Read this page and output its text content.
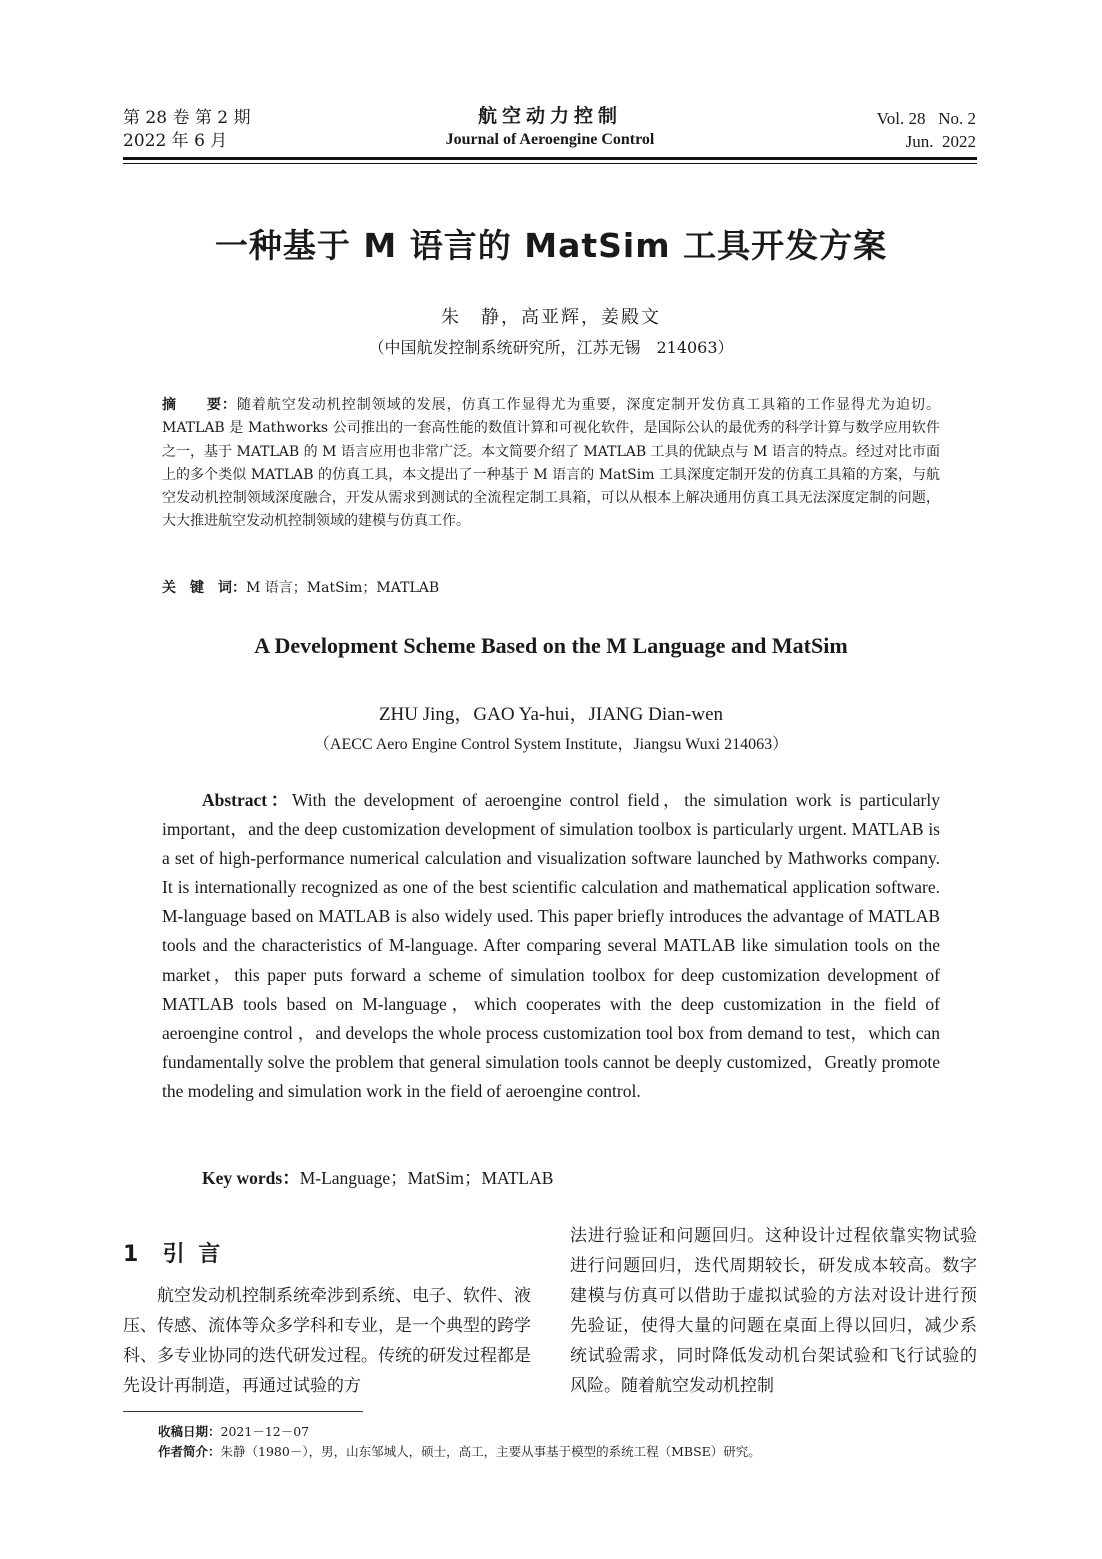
第 28 卷 第 2 期
2022 年 6 月
航空动力控制
Journal of Aeroengine Control
Vol. 28   No. 2
Jun.  2022
一种基于 M 语言的 MatSim 工具开发方案
朱　静，高亚辉，姜殿文
（中国航发控制系统研究所，江苏无锡　214063）
摘　　要：随着航空发动机控制领域的发展，仿真工作显得尤为重要，深度定制开发仿真工具箱的工作显得尤为迫切。MATLAB 是 Mathworks 公司推出的一套高性能的数值计算和可视化软件，是国际公认的最优秀的科学计算与数学应用软件之一，基于 MATLAB 的 M 语言应用也非常广泛。本文简要介绍了 MATLAB 工具的优缺点与 M 语言的特点。经过对比市面上的多个类似 MATLAB 的仿真工具，本文提出了一种基于 M 语言的 MatSim 工具深度定制开发的仿真工具箱的方案，与航空发动机控制领域深度融合，开发从需求到测试的全流程定制工具箱，可以从根本上解决通用仿真工具无法深度定制的问题，大大推进航空发动机控制领域的建模与仿真工作。
关　键　词：M 语言；MatSim；MATLAB
A Development Scheme Based on the M Language and MatSim
ZHU Jing，GAO Ya-hui，JIANG Dian-wen
（AECC Aero Engine Control System Institute，Jiangsu Wuxi 214063）
Abstract：With the development of aeroengine control field，the simulation work is particularly important，and the deep customization development of simulation toolbox is particularly urgent. MATLAB is a set of high-performance numerical calculation and visualization software launched by Mathworks company. It is internationally recognized as one of the best scientific calculation and mathematical application software. M-language based on MATLAB is also widely used. This paper briefly introduces the advantage of MATLAB tools and the characteristics of M-language. After comparing several MATLAB like simulation tools on the market，this paper puts forward a scheme of simulation toolbox for deep customization development of MATLAB tools based on M-language，which cooperates with the deep customization in the field of aeroengine control ，and develops the whole process customization tool box from demand to test，which can fundamentally solve the problem that general simulation tools cannot be deeply customized，Greatly promote the modeling and simulation work in the field of aeroengine control.
Key words：M-Language；MatSim；MATLAB
1  引 言
航空发动机控制系统牵涉到系统、电子、软件、液压、传感、流体等众多学科和专业，是一个典型的跨学科、多专业协同的迭代研发过程。传统的研发过程都是先设计再制造，再通过试验的方
法进行验证和问题回归。这种设计过程依靠实物试验进行问题回归，迭代周期较长，研发成本较高。数字建模与仿真可以借助于虚拟试验的方法对设计进行预先验证，使得大量的问题在桌面上得以回归，减少系统试验需求，同时降低发动机台架试验和飞行试验的风险。随着航空发动机控制
收稿日期：2021－12－07
作者简介：朱静（1980－），男，山东邹城人，硕士，高工，主要从事基于模型的系统工程（MBSE）研究。
